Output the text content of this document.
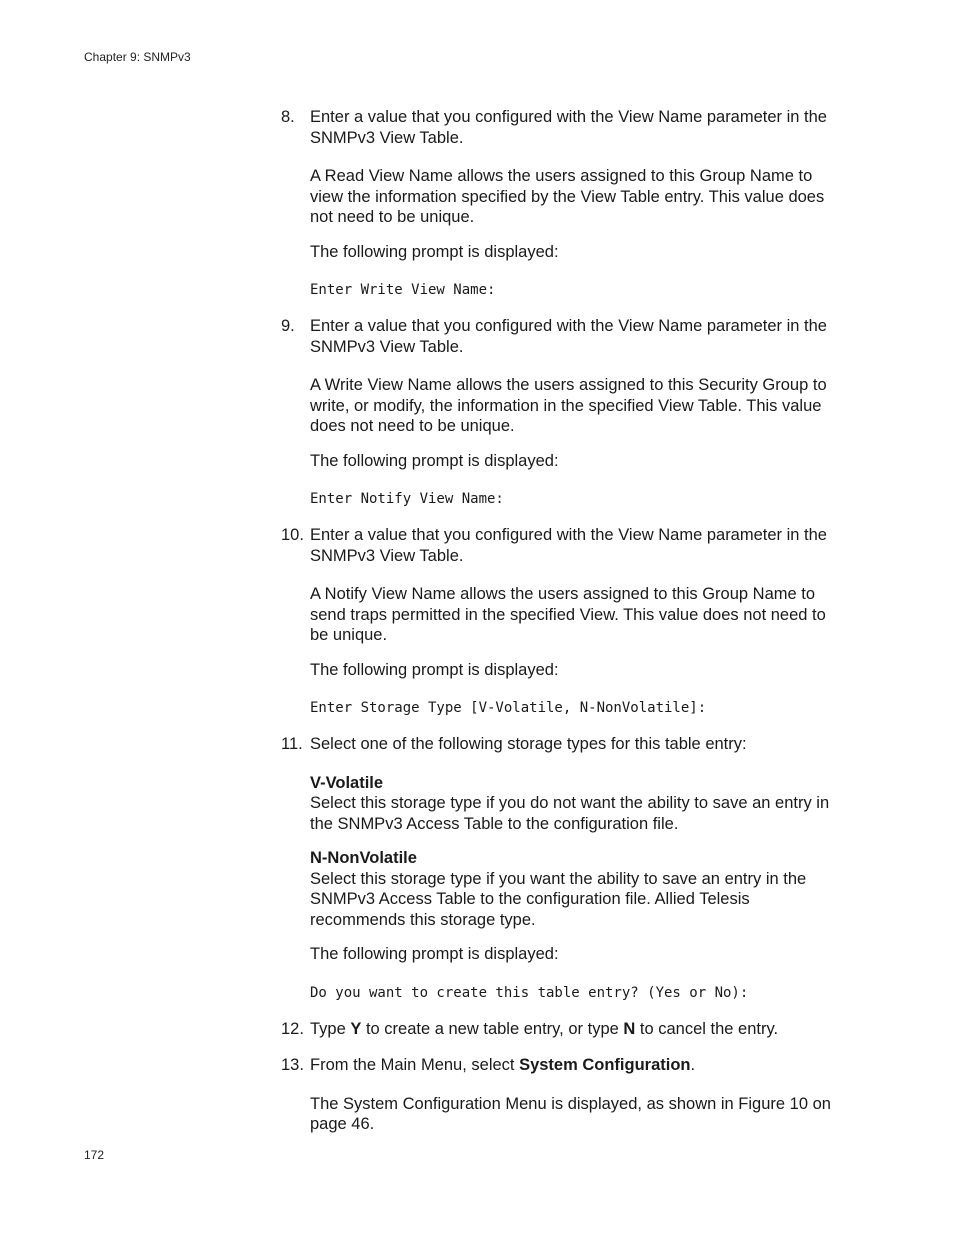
Chapter 9: SNMPv3
8. Enter a value that you configured with the View Name parameter in the SNMPv3 View Table.

A Read View Name allows the users assigned to this Group Name to view the information specified by the View Table entry. This value does not need to be unique.

The following prompt is displayed:

Enter Write View Name:
9. Enter a value that you configured with the View Name parameter in the SNMPv3 View Table.

A Write View Name allows the users assigned to this Security Group to write, or modify, the information in the specified View Table. This value does not need to be unique.

The following prompt is displayed:

Enter Notify View Name:
10. Enter a value that you configured with the View Name parameter in the SNMPv3 View Table.

A Notify View Name allows the users assigned to this Group Name to send traps permitted in the specified View. This value does not need to be unique.

The following prompt is displayed:

Enter Storage Type [V-Volatile, N-NonVolatile]:
11. Select one of the following storage types for this table entry:

V-Volatile

Select this storage type if you do not want the ability to save an entry in the SNMPv3 Access Table to the configuration file.

N-NonVolatile

Select this storage type if you want the ability to save an entry in the SNMPv3 Access Table to the configuration file. Allied Telesis recommends this storage type.

The following prompt is displayed:

Do you want to create this table entry? (Yes or No):
12. Type Y to create a new table entry, or type N to cancel the entry.

13. From the Main Menu, select System Configuration.

The System Configuration Menu is displayed, as shown in Figure 10 on page 46.

172
